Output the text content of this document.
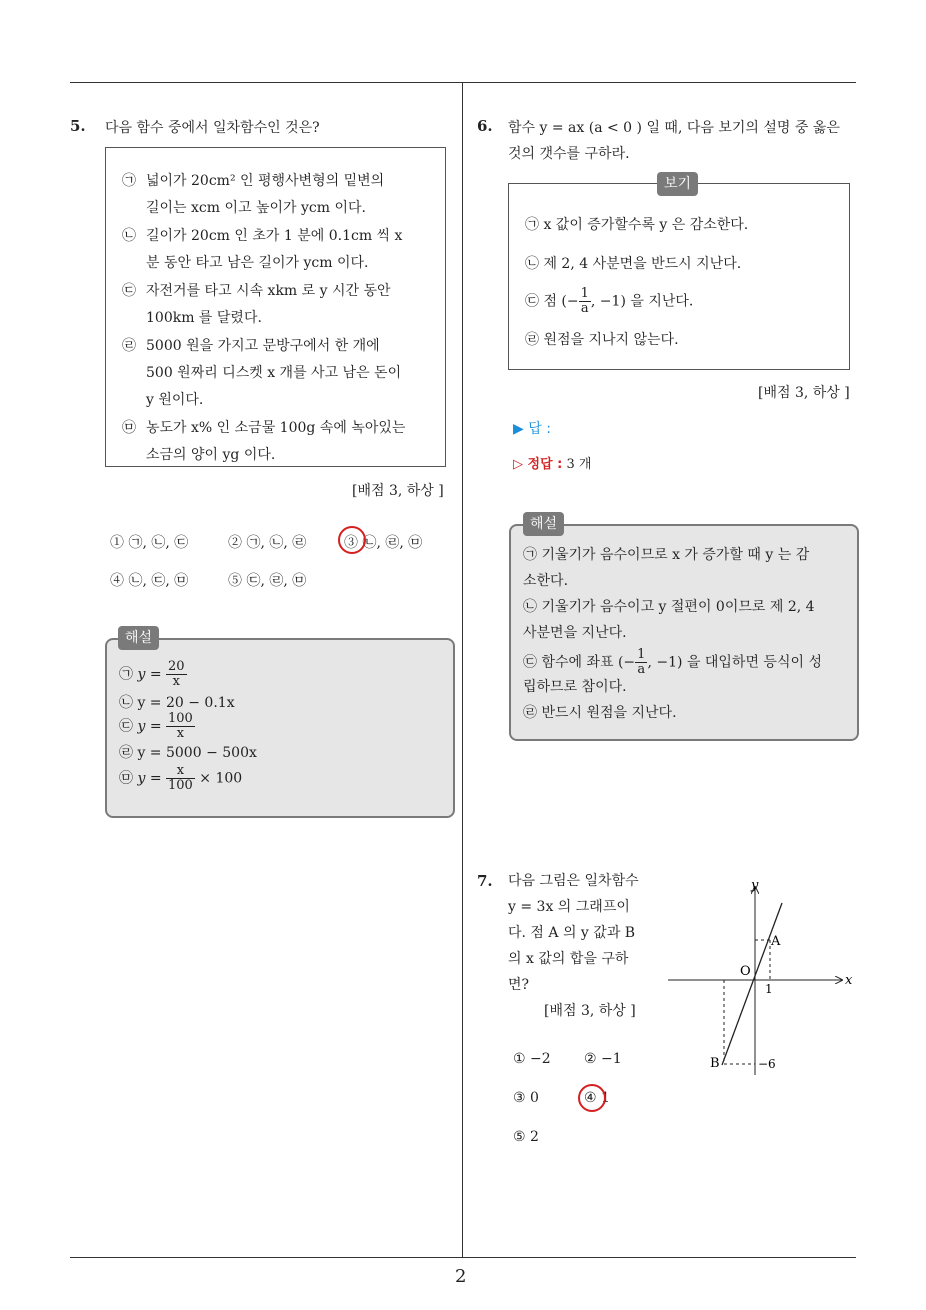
2
5. 다음 함수 중에서 일차함수인 것은?
㉠ 넓이가 20cm² 인 평행사변형의 밑변의
길이는 xcm 이고 높이가 ycm 이다.
㉡ 길이가 20cm 인 초가 1 분에 0.1cm 씩 x
분 동안 타고 남은 길이가 ycm 이다.
㉢ 자전거를 타고 시속 xkm 로 y 시간 동안
100km 를 달렸다.
㉣ 5000 원을 가지고 문방구에서 한 개에
500 원짜리 디스켓 x 개를 사고 남은 돈이
y 원이다.
㉤ 농도가 x% 인 소금물 100g 속에 녹아있는
소금의 양이 yg 이다.
[배점 3, 하상 ]
① ㉠, ㉡, ㉢	② ㉠, ㉡, ㉣	③ ㉡, ㉣, ㉤
④ ㉡, ㉢, ㉤	⑤ ㉢, ㉣, ㉤
㉠ $y = \frac{20}{x}$
㉡ y = 20 − 0.1x
㉢ $y = \frac{100}{x}$
㉣ y = 5000 − 500x
㉤ $y = \frac{x}{100} \times 100$
해설
6. 함수 y = ax (a < 0 ) 일 때, 다음 보기의 설명 중 옳은
것의 갯수를 구하라.
㉠ x 값이 증가할수록 y 은 감소한다.
㉡ 제 2, 4 사분면을 반드시 지난다.
㉢ 점 (− $\frac{1}{a}$ , −1) 을 지난다.
㉣ 원점을 지나지 않는다.
보기
[배점 3, 하상 ]
▶ 답 :
▷ 정답 : 3 개
㉠ 기울기가 음수이므로 x 가 증가할 때 y 는 감
소한다.
㉡ 기울기가 음수이고 y 절편이 0이므로 제 2, 4
사분면을 지난다.
㉢ 함수에 좌표 (− $\frac{1}{a}$ , −1) 을 대입하면 등식이 성
립하므로 참이다.
㉣ 반드시 원점을 지난다.
해설
7. 다음 그림은 일차함수
y = 3x 의 그래프이
다. 점 A 의 y 값과 B
의 x 값의 합을 구하
면?
[배점 3, 하상 ]
① −2 ② −1
③ 0	④ 1
⑤ 2
y
x
O
A
B
1
−6
